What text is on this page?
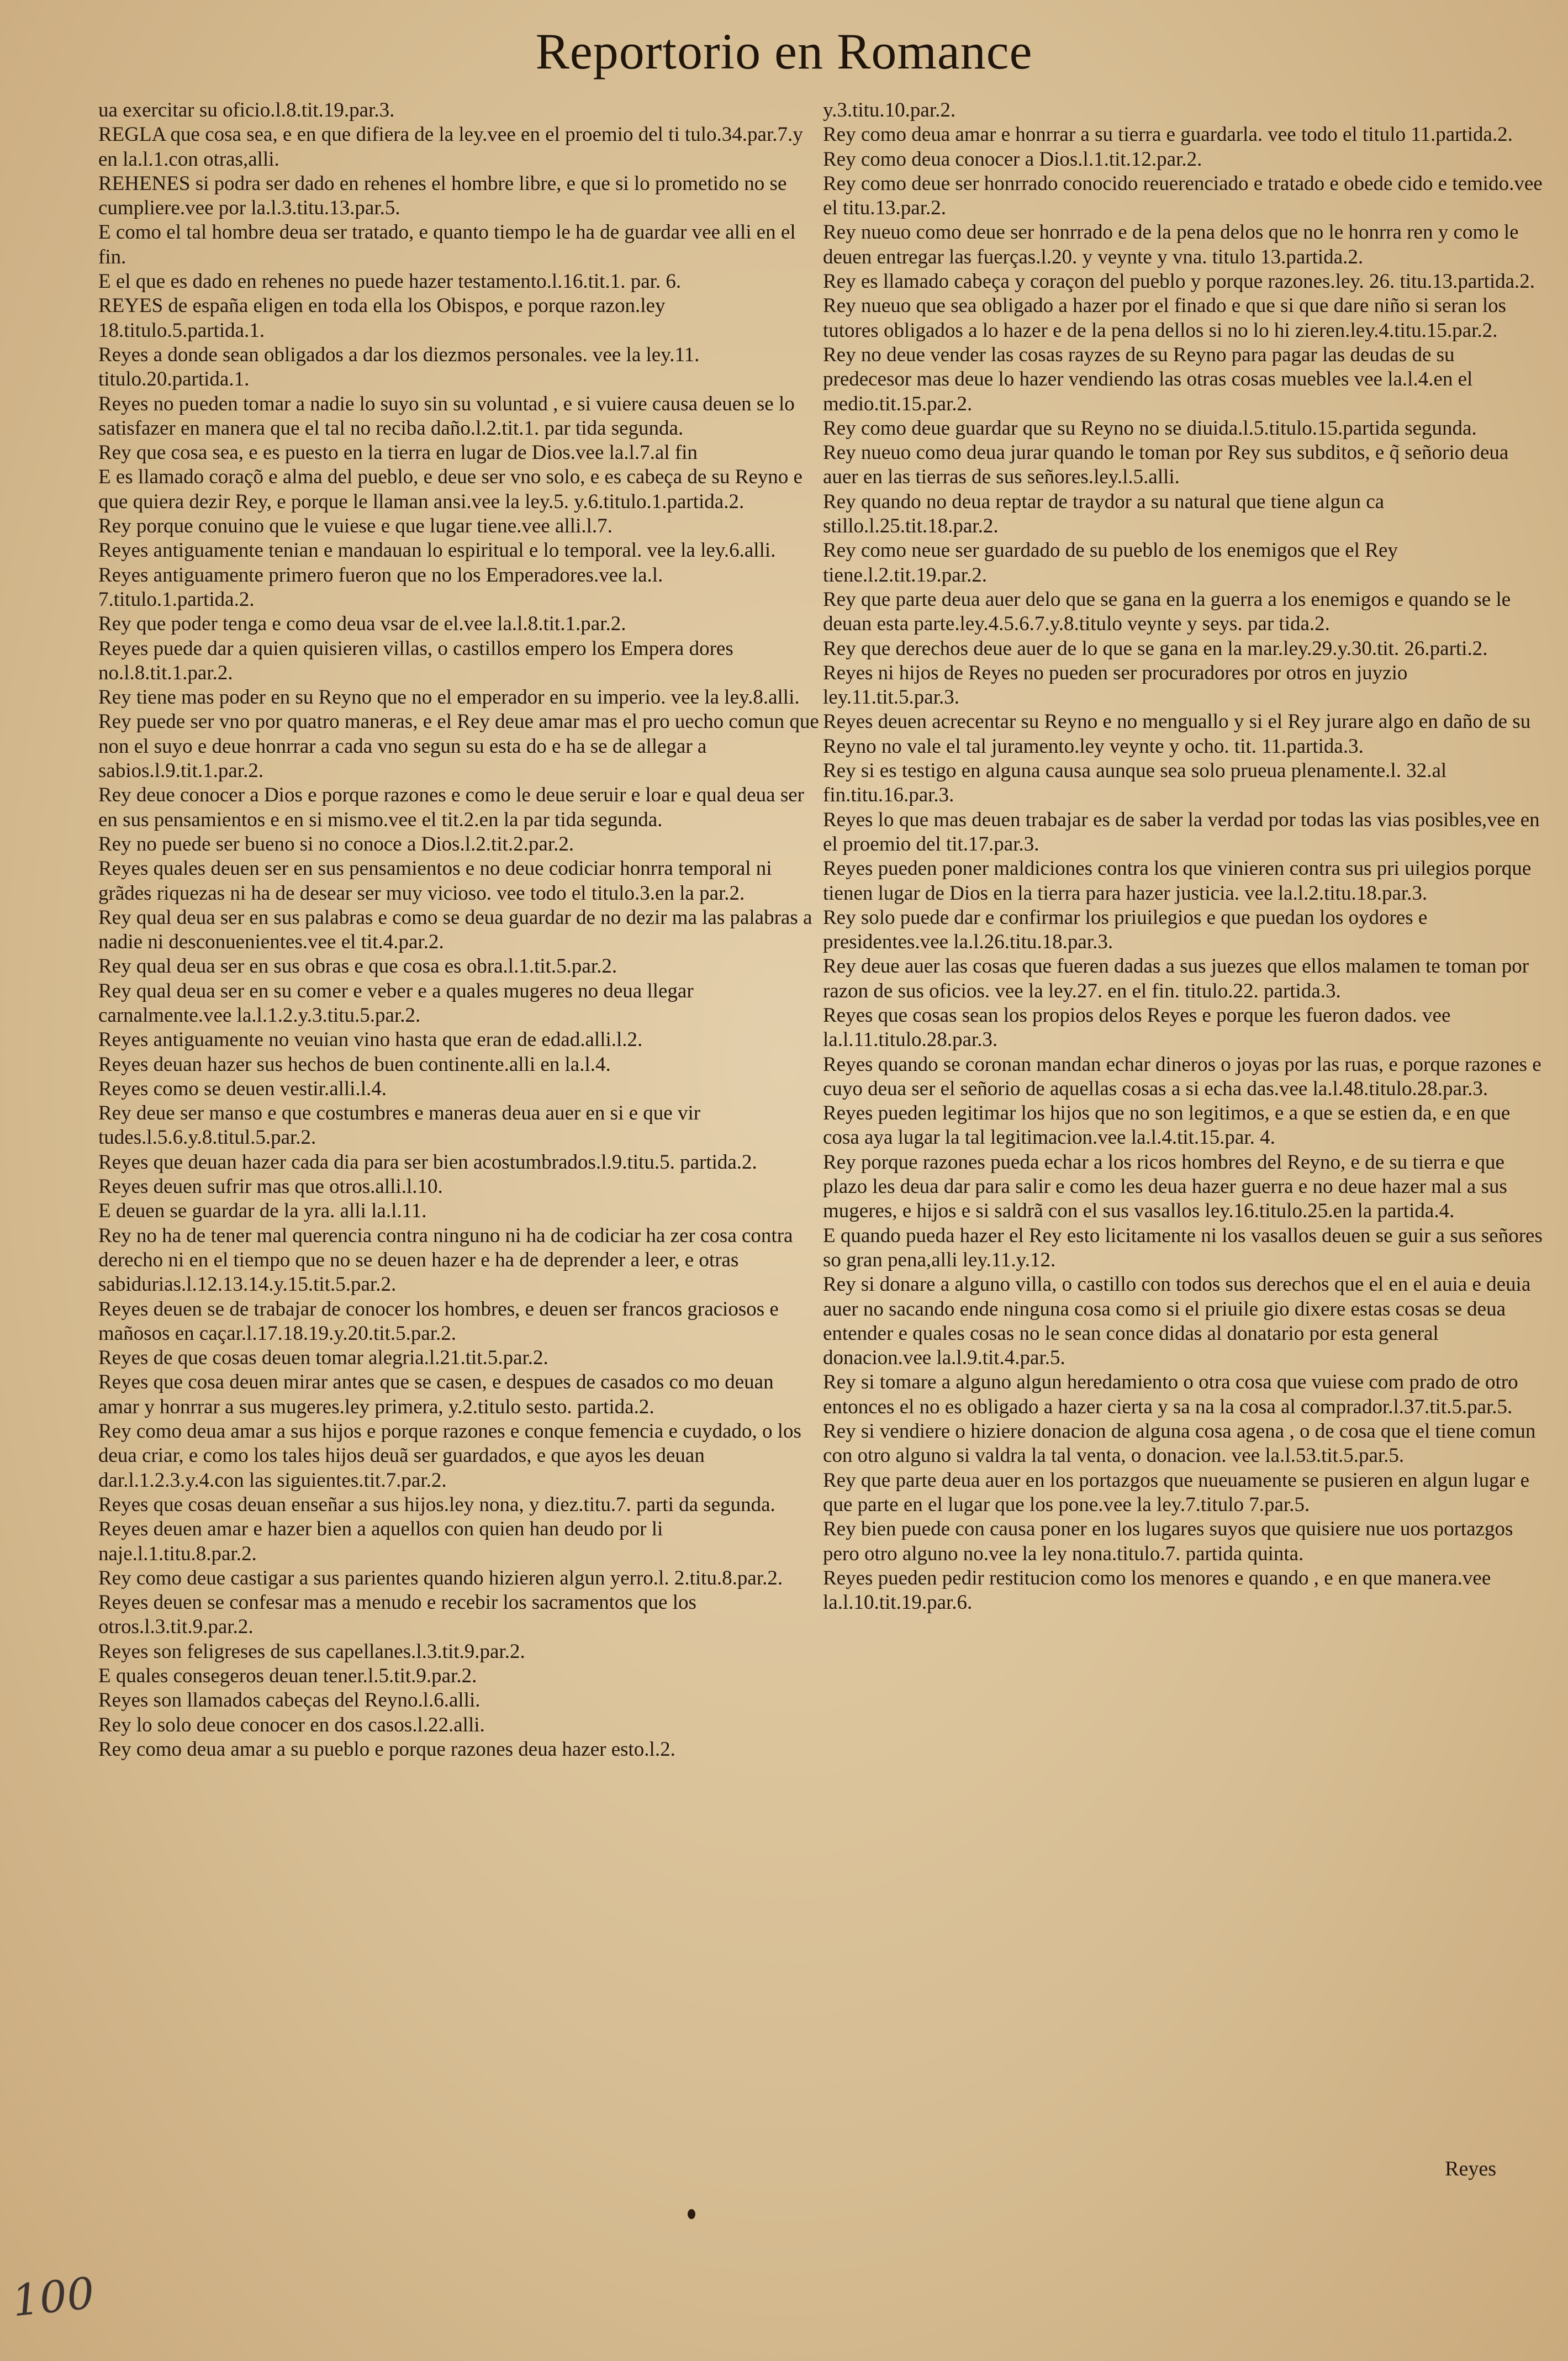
Reportorio en Romance

ua exercitar su oficio.l.8.tit.19.par.3.

REGLA que cosa sea, e en que difiera de la ley.vee en el proemio del ti tulo.34.par.7.y en la.l.1.con otras,alli.

REHENES si podra ser dado en rehenes el hombre libre, e que si lo prometido no se cumpliere.vee por la.l.3.titu.13.par.5.

E como el tal hombre deua ser tratado, e quanto tiempo le ha de guardar vee alli en el fin.

E el que es dado en rehenes no puede hazer testamento.l.16.tit.1. par. 6.

REYES de españa eligen en toda ella los Obispos, e porque razon.ley 18.titulo.5.partida.1.

Reyes a donde sean obligados a dar los diezmos personales. vee la ley.11. titulo.20.partida.1.

Reyes no pueden tomar a nadie lo suyo sin su voluntad , e si vuiere causa deuen se lo satisfazer en manera que el tal no reciba daño.l.2.tit.1. par tida segunda.

Rey que cosa sea, e es puesto en la tierra en lugar de Dios.vee la.l.7.al fin

E es llamado coraçõ e alma del pueblo, e deue ser vno solo, e es cabeça de su Reyno e que quiera dezir Rey, e porque le llaman ansi.vee la ley.5. y.6.titulo.1.partida.2.

Rey porque conuino que le vuiese e que lugar tiene.vee alli.l.7.

Reyes antiguamente tenian e mandauan lo espiritual e lo temporal. vee la ley.6.alli.

Reyes antiguamente primero fueron que no los Emperadores.vee la.l. 7.titulo.1.partida.2.

Rey que poder tenga e como deua vsar de el.vee la.l.8.tit.1.par.2.

Reyes puede dar a quien quisieren villas, o castillos empero los Empera dores no.l.8.tit.1.par.2.

Rey tiene mas poder en su Reyno que no el emperador en su imperio. vee la ley.8.alli.

Rey puede ser vno por quatro maneras, e el Rey deue amar mas el pro uecho comun que non el suyo e deue honrrar a cada vno segun su esta do e ha se de allegar a sabios.l.9.tit.1.par.2.

Rey deue conocer a Dios e porque razones e como le deue seruir e loar e qual deua ser en sus pensamientos e en si mismo.vee el tit.2.en la par tida segunda.

Rey no puede ser bueno si no conoce a Dios.l.2.tit.2.par.2.

Reyes quales deuen ser en sus pensamientos e no deue codiciar honrra temporal ni grãdes riquezas ni ha de desear ser muy vicioso. vee todo el titulo.3.en la par.2.

Rey qual deua ser en sus palabras e como se deua guardar de no dezir ma las palabras a nadie ni desconuenientes.vee el tit.4.par.2.

Rey qual deua ser en sus obras e que cosa es obra.l.1.tit.5.par.2.

Rey qual deua ser en su comer e veber e a quales mugeres no deua llegar carnalmente.vee la.l.1.2.y.3.titu.5.par.2.

Reyes antiguamente no veuian vino hasta que eran de edad.alli.l.2.

Reyes deuan hazer sus hechos de buen continente.alli en la.l.4.

Reyes como se deuen vestir.alli.l.4.

Rey deue ser manso e que costumbres e maneras deua auer en si e que vir tudes.l.5.6.y.8.titul.5.par.2.

Reyes que deuan hazer cada dia para ser bien acostumbrados.l.9.titu.5. partida.2.

Reyes deuen sufrir mas que otros.alli.l.10.

E deuen se guardar de la yra. alli la.l.11.

Rey no ha de tener mal querencia contra ninguno ni ha de codiciar ha zer cosa contra derecho ni en el tiempo que no se deuen hazer e ha de deprender a leer, e otras sabidurias.l.12.13.14.y.15.tit.5.par.2.

Reyes deuen se de trabajar de conocer los hombres, e deuen ser francos graciosos e mañosos en caçar.l.17.18.19.y.20.tit.5.par.2.

Reyes de que cosas deuen tomar alegria.l.21.tit.5.par.2.

Reyes que cosa deuen mirar antes que se casen, e despues de casados co mo deuan amar y honrrar a sus mugeres.ley primera, y.2.titulo sesto. partida.2.

Rey como deua amar a sus hijos e porque razones e conque femencia e cuydado, o los deua criar, e como los tales hijos deuã ser guardados, e que ayos les deuan dar.l.1.2.3.y.4.con las siguientes.tit.7.par.2.

Reyes que cosas deuan enseñar a sus hijos.ley nona, y diez.titu.7. parti da segunda.

Reyes deuen amar e hazer bien a aquellos con quien han deudo por li naje.l.1.titu.8.par.2.

Rey como deue castigar a sus parientes quando hizieren algun yerro.l. 2.titu.8.par.2.

Reyes deuen se confesar mas a menudo e recebir los sacramentos que los otros.l.3.tit.9.par.2.

Reyes son feligreses de sus capellanes.l.3.tit.9.par.2.

E quales consegeros deuan tener.l.5.tit.9.par.2.

Reyes son llamados cabeças del Reyno.l.6.alli.

Rey lo solo deue conocer en dos casos.l.22.alli.

Rey como deua amar a su pueblo e porque razones deua hazer esto.l.2.

y.3.titu.10.par.2.

Rey como deua amar e honrrar a su tierra e guardarla. vee todo el titulo 11.partida.2.

Rey como deua conocer a Dios.l.1.tit.12.par.2.

Rey como deue ser honrrado conocido reuerenciado e tratado e obede cido e temido.vee el titu.13.par.2.

Rey nueuo como deue ser honrrado e de la pena delos que no le honrra ren y como le deuen entregar las fuerças.l.20. y veynte y vna. titulo 13.partida.2.

Rey es llamado cabeça y coraçon del pueblo y porque razones.ley. 26. titu.13.partida.2.

Rey nueuo que sea obligado a hazer por el finado e que si que dare niño si seran los tutores obligados a lo hazer e de la pena dellos si no lo hi zieren.ley.4.titu.15.par.2.

Rey no deue vender las cosas rayzes de su Reyno para pagar las deudas de su predecesor mas deue lo hazer vendiendo las otras cosas muebles vee la.l.4.en el medio.tit.15.par.2.

Rey como deue guardar que su Reyno no se diuida.l.5.titulo.15.partida segunda.

Rey nueuo como deua jurar quando le toman por Rey sus subditos, e q̃ señorio deua auer en las tierras de sus señores.ley.l.5.alli.

Rey quando no deua reptar de traydor a su natural que tiene algun ca stillo.l.25.tit.18.par.2.

Rey como neue ser guardado de su pueblo de los enemigos que el Rey tiene.l.2.tit.19.par.2.

Rey que parte deua auer delo que se gana en la guerra a los enemigos e quando se le deuan esta parte.ley.4.5.6.7.y.8.titulo veynte y seys. par tida.2.

Rey que derechos deue auer de lo que se gana en la mar.ley.29.y.30.tit. 26.parti.2.

Reyes ni hijos de Reyes no pueden ser procuradores por otros en juyzio ley.11.tit.5.par.3.

Reyes deuen acrecentar su Reyno e no menguallo y si el Rey jurare algo en daño de su Reyno no vale el tal juramento.ley veynte y ocho. tit. 11.partida.3.

Rey si es testigo en alguna causa aunque sea solo prueua plenamente.l. 32.al fin.titu.16.par.3.

Reyes lo que mas deuen trabajar es de saber la verdad por todas las vias posibles,vee en el proemio del tit.17.par.3.

Reyes pueden poner maldiciones contra los que vinieren contra sus pri uilegios porque tienen lugar de Dios en la tierra para hazer justicia. vee la.l.2.titu.18.par.3.

Rey solo puede dar e confirmar los priuilegios e que puedan los oydores e presidentes.vee la.l.26.titu.18.par.3.

Rey deue auer las cosas que fueren dadas a sus juezes que ellos malamen te toman por razon de sus oficios. vee la ley.27. en el fin. titulo.22. partida.3.

Reyes que cosas sean los propios delos Reyes e porque les fueron dados. vee la.l.11.titulo.28.par.3.

Reyes quando se coronan mandan echar dineros o joyas por las ruas, e porque razones e cuyo deua ser el señorio de aquellas cosas a si echa das.vee la.l.48.titulo.28.par.3.

Reyes pueden legitimar los hijos que no son legitimos, e a que se estien da, e en que cosa aya lugar la tal legitimacion.vee la.l.4.tit.15.par. 4.

Rey porque razones pueda echar a los ricos hombres del Reyno, e de su tierra e que plazo les deua dar para salir e como les deua hazer guerra e no deue hazer mal a sus mugeres, e hijos e si saldrã con el sus vasallos ley.16.titulo.25.en la partida.4.

E quando pueda hazer el Rey esto licitamente ni los vasallos deuen se guir a sus señores so gran pena,alli ley.11.y.12.

Rey si donare a alguno villa, o castillo con todos sus derechos que el en el auia e deuia auer no sacando ende ninguna cosa como si el priuile gio dixere estas cosas se deua entender e quales cosas no le sean conce didas al donatario por esta general donacion.vee la.l.9.tit.4.par.5.

Rey si tomare a alguno algun heredamiento o otra cosa que vuiese com prado de otro entonces el no es obligado a hazer cierta y sa na la cosa al comprador.l.37.tit.5.par.5.

Rey si vendiere o hiziere donacion de alguna cosa agena , o de cosa que el tiene comun con otro alguno si valdra la tal venta, o donacion. vee la.l.53.tit.5.par.5.

Rey que parte deua auer en los portazgos que nueuamente se pusieren en algun lugar e que parte en el lugar que los pone.vee la ley.7.titulo 7.par.5.

Rey bien puede con causa poner en los lugares suyos que quisiere nue uos portazgos pero otro alguno no.vee la ley nona.titulo.7. partida quinta.

Reyes pueden pedir restitucion como los menores e quando , e en que manera.vee la.l.10.tit.19.par.6.

Reyes
100
